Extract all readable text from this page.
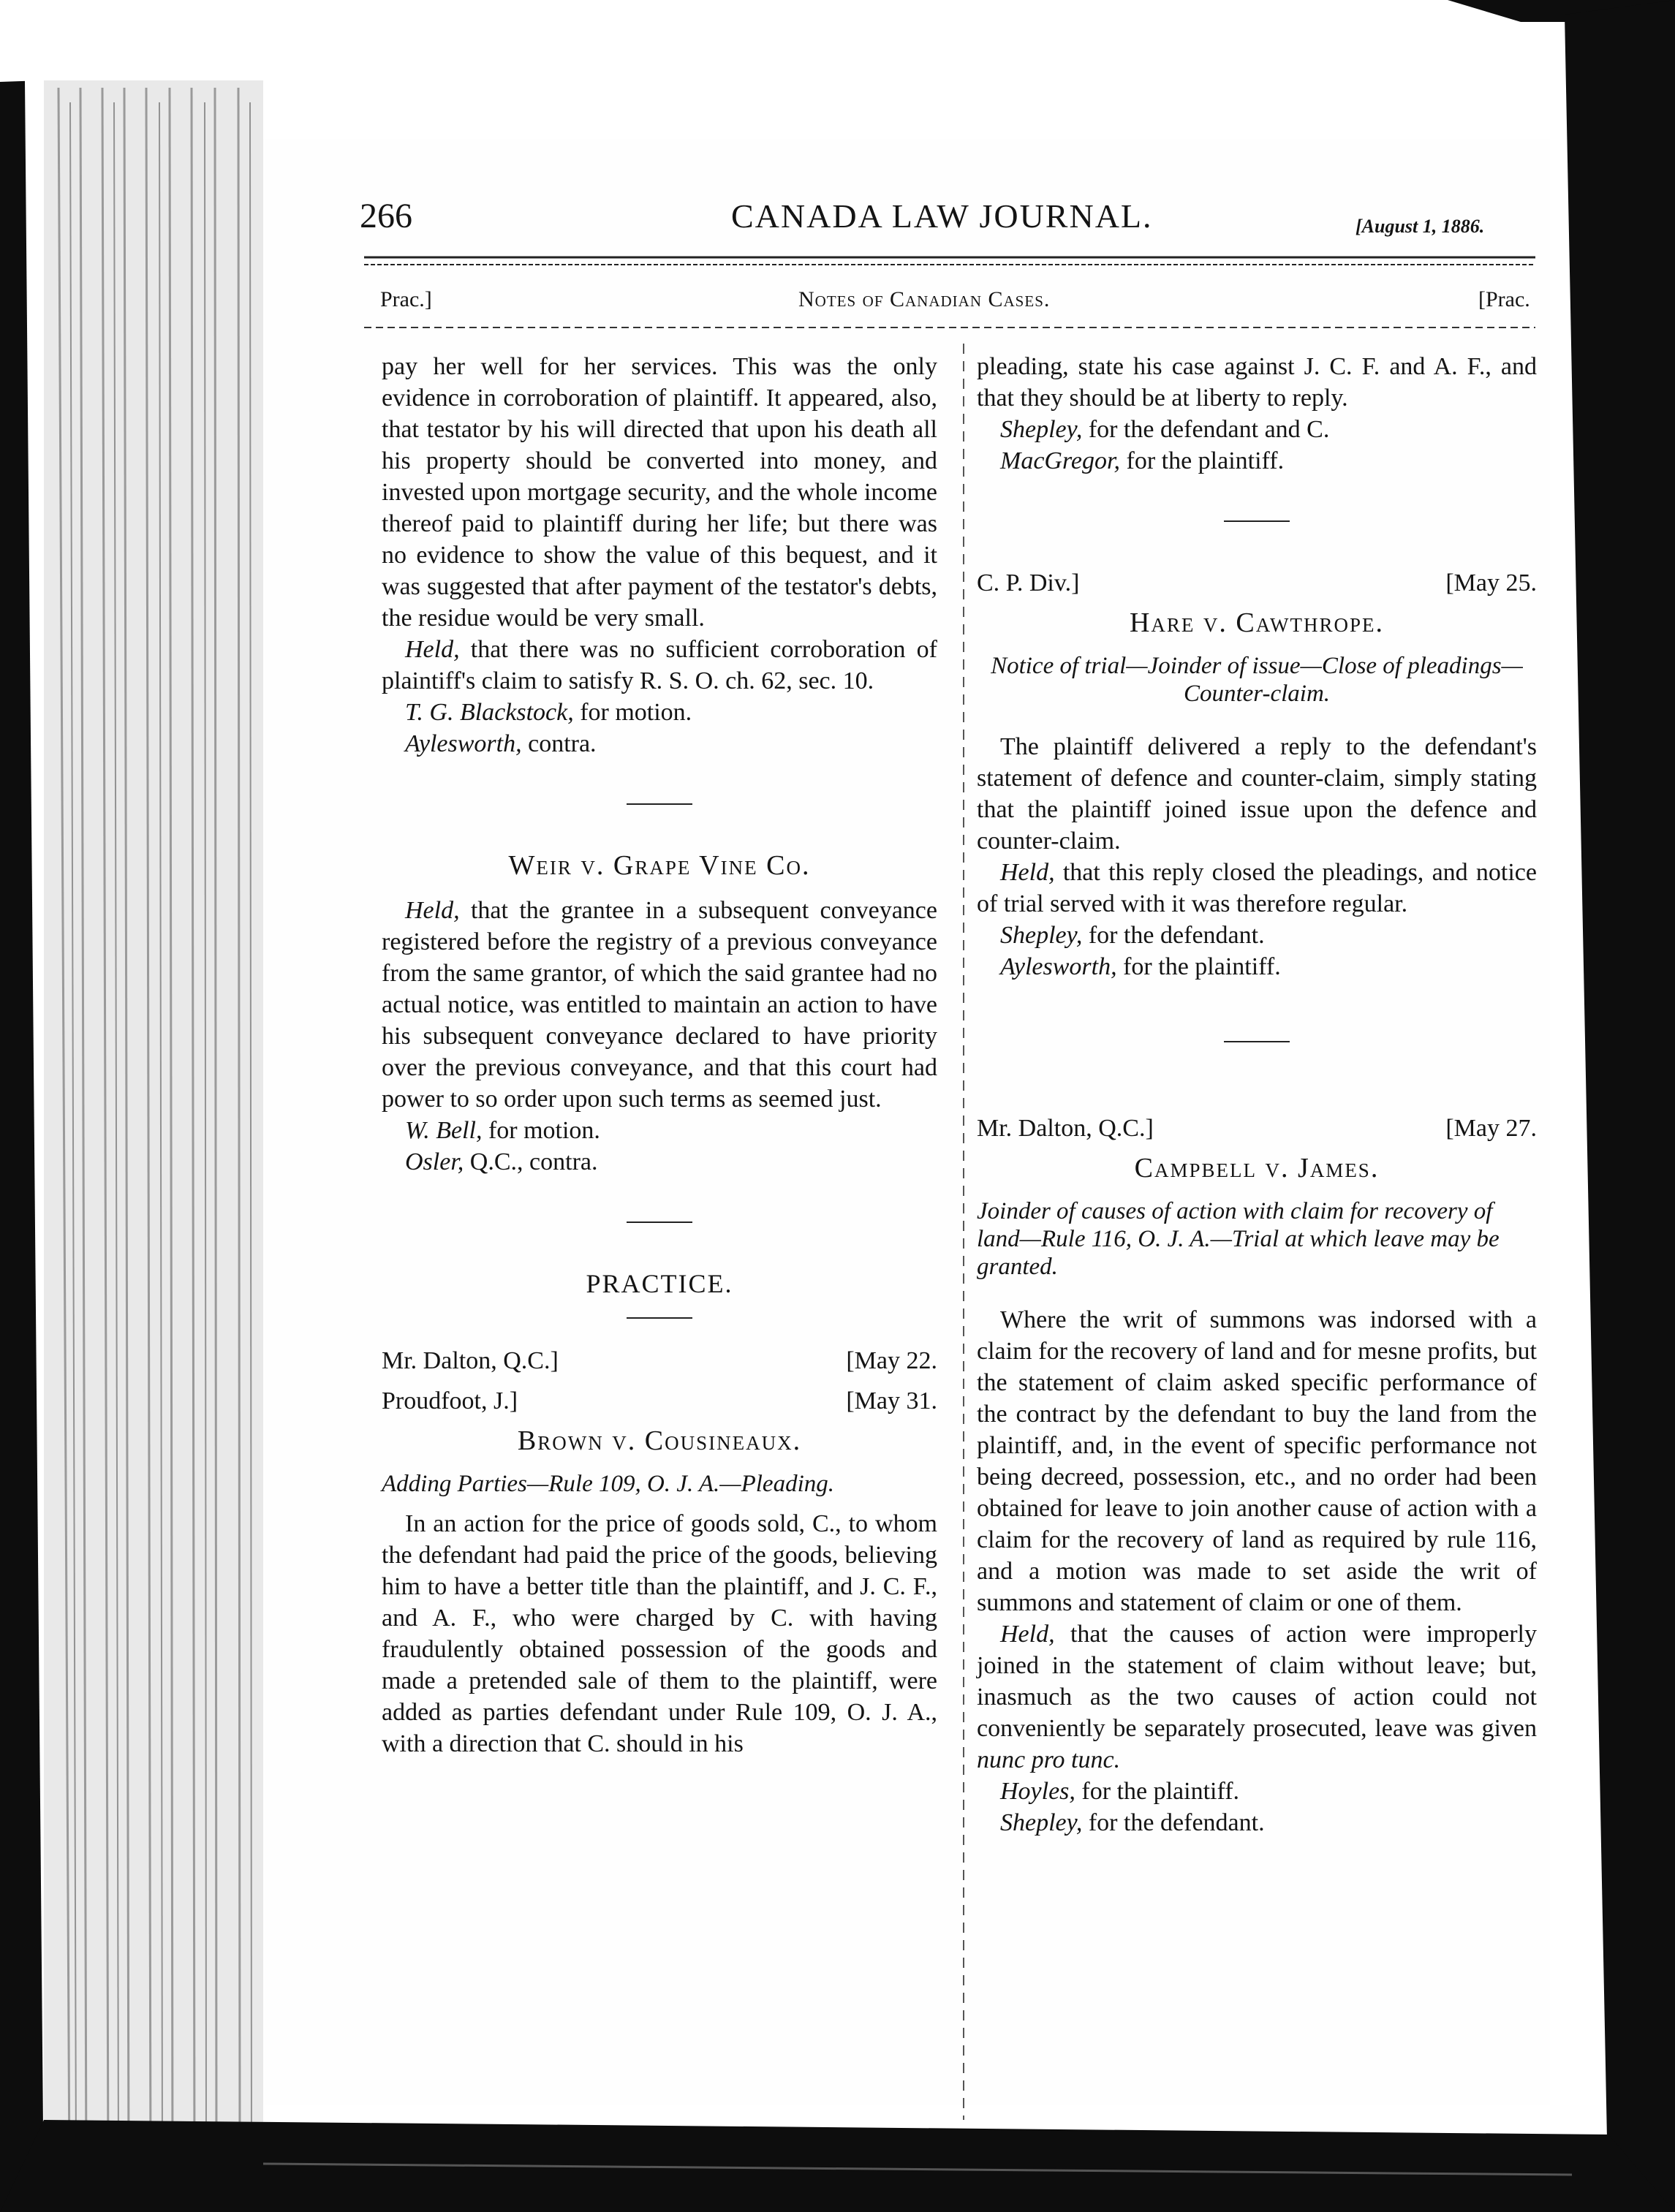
266	CANADA LAW JOURNAL.	[August 1, 1886.
Prac.]	Notes of Canadian Cases.	[Prac.

pay her well for her services. This was the only evidence in corroboration of plaintiff. It appeared, also, that testator by his will directed that upon his death all his property should be converted into money, and invested upon mortgage security, and the whole income thereof paid to plaintiff during her life; but there was no evidence to show the value of this bequest, and it was suggested that after payment of the testator's debts, the residue would be very small.

Held, that there was no sufficient corroboration of plaintiff's claim to satisfy R. S. O. ch. 62, sec. 10.

T. G. Blackstock, for motion.
Aylesworth, contra.
Weir v. Grape Vine Co.

Held, that the grantee in a subsequent conveyance registered before the registry of a previous conveyance from the same grantor, of which the said grantee had no actual notice, was entitled to maintain an action to have his subsequent conveyance declared to have priority over the previous conveyance, and that this court had power to so order upon such terms as seemed just.

W. Bell, for motion.
Osler, Q.C., contra.
PRACTICE.
Mr. Dalton, Q.C.]	[May 22.
Proudfoot, J.]	[May 31.
Brown v. Cousineaux.
Adding Parties—Rule 109, O. J. A.—Pleading.

In an action for the price of goods sold, C., to whom the defendant had paid the price of the goods, believing him to have a better title than the plaintiff, and J. C. F., and A. F., who were charged by C. with having fraudulently obtained possession of the goods and made a pretended sale of them to the plaintiff, were added as parties defendant under Rule 109, O. J. A., with a direction that C. should in his

pleading, state his case against J. C. F. and A. F., and that they should be at liberty to reply.

Shepley, for the defendant and C.
MacGregor, for the plaintiff.
C. P. Div.]	[May 25.
Hare v. Cawthrope.
Notice of trial—Joinder of issue—Close of pleadings—Counter-claim.

The plaintiff delivered a reply to the defendant's statement of defence and counter-claim, simply stating that the plaintiff joined issue upon the defence and counter-claim.

Held, that this reply closed the pleadings, and notice of trial served with it was therefore regular.

Shepley, for the defendant.
Aylesworth, for the plaintiff.
Mr. Dalton, Q.C.]	[May 27.
Campbell v. James.
Joinder of causes of action with claim for recovery of land—Rule 116, O. J. A.—Trial at which leave may be granted.

Where the writ of summons was indorsed with a claim for the recovery of land and for mesne profits, but the statement of claim asked specific performance of the contract by the defendant to buy the land from the plaintiff, and, in the event of specific performance not being decreed, possession, etc., and no order had been obtained for leave to join another cause of action with a claim for the recovery of land as required by rule 116, and a motion was made to set aside the writ of summons and statement of claim or one of them.

Held, that the causes of action were improperly joined in the statement of claim without leave; but, inasmuch as the two causes of action could not conveniently be separately prosecuted, leave was given nunc pro tunc.

Hoyles, for the plaintiff.
Shepley, for the defendant.
